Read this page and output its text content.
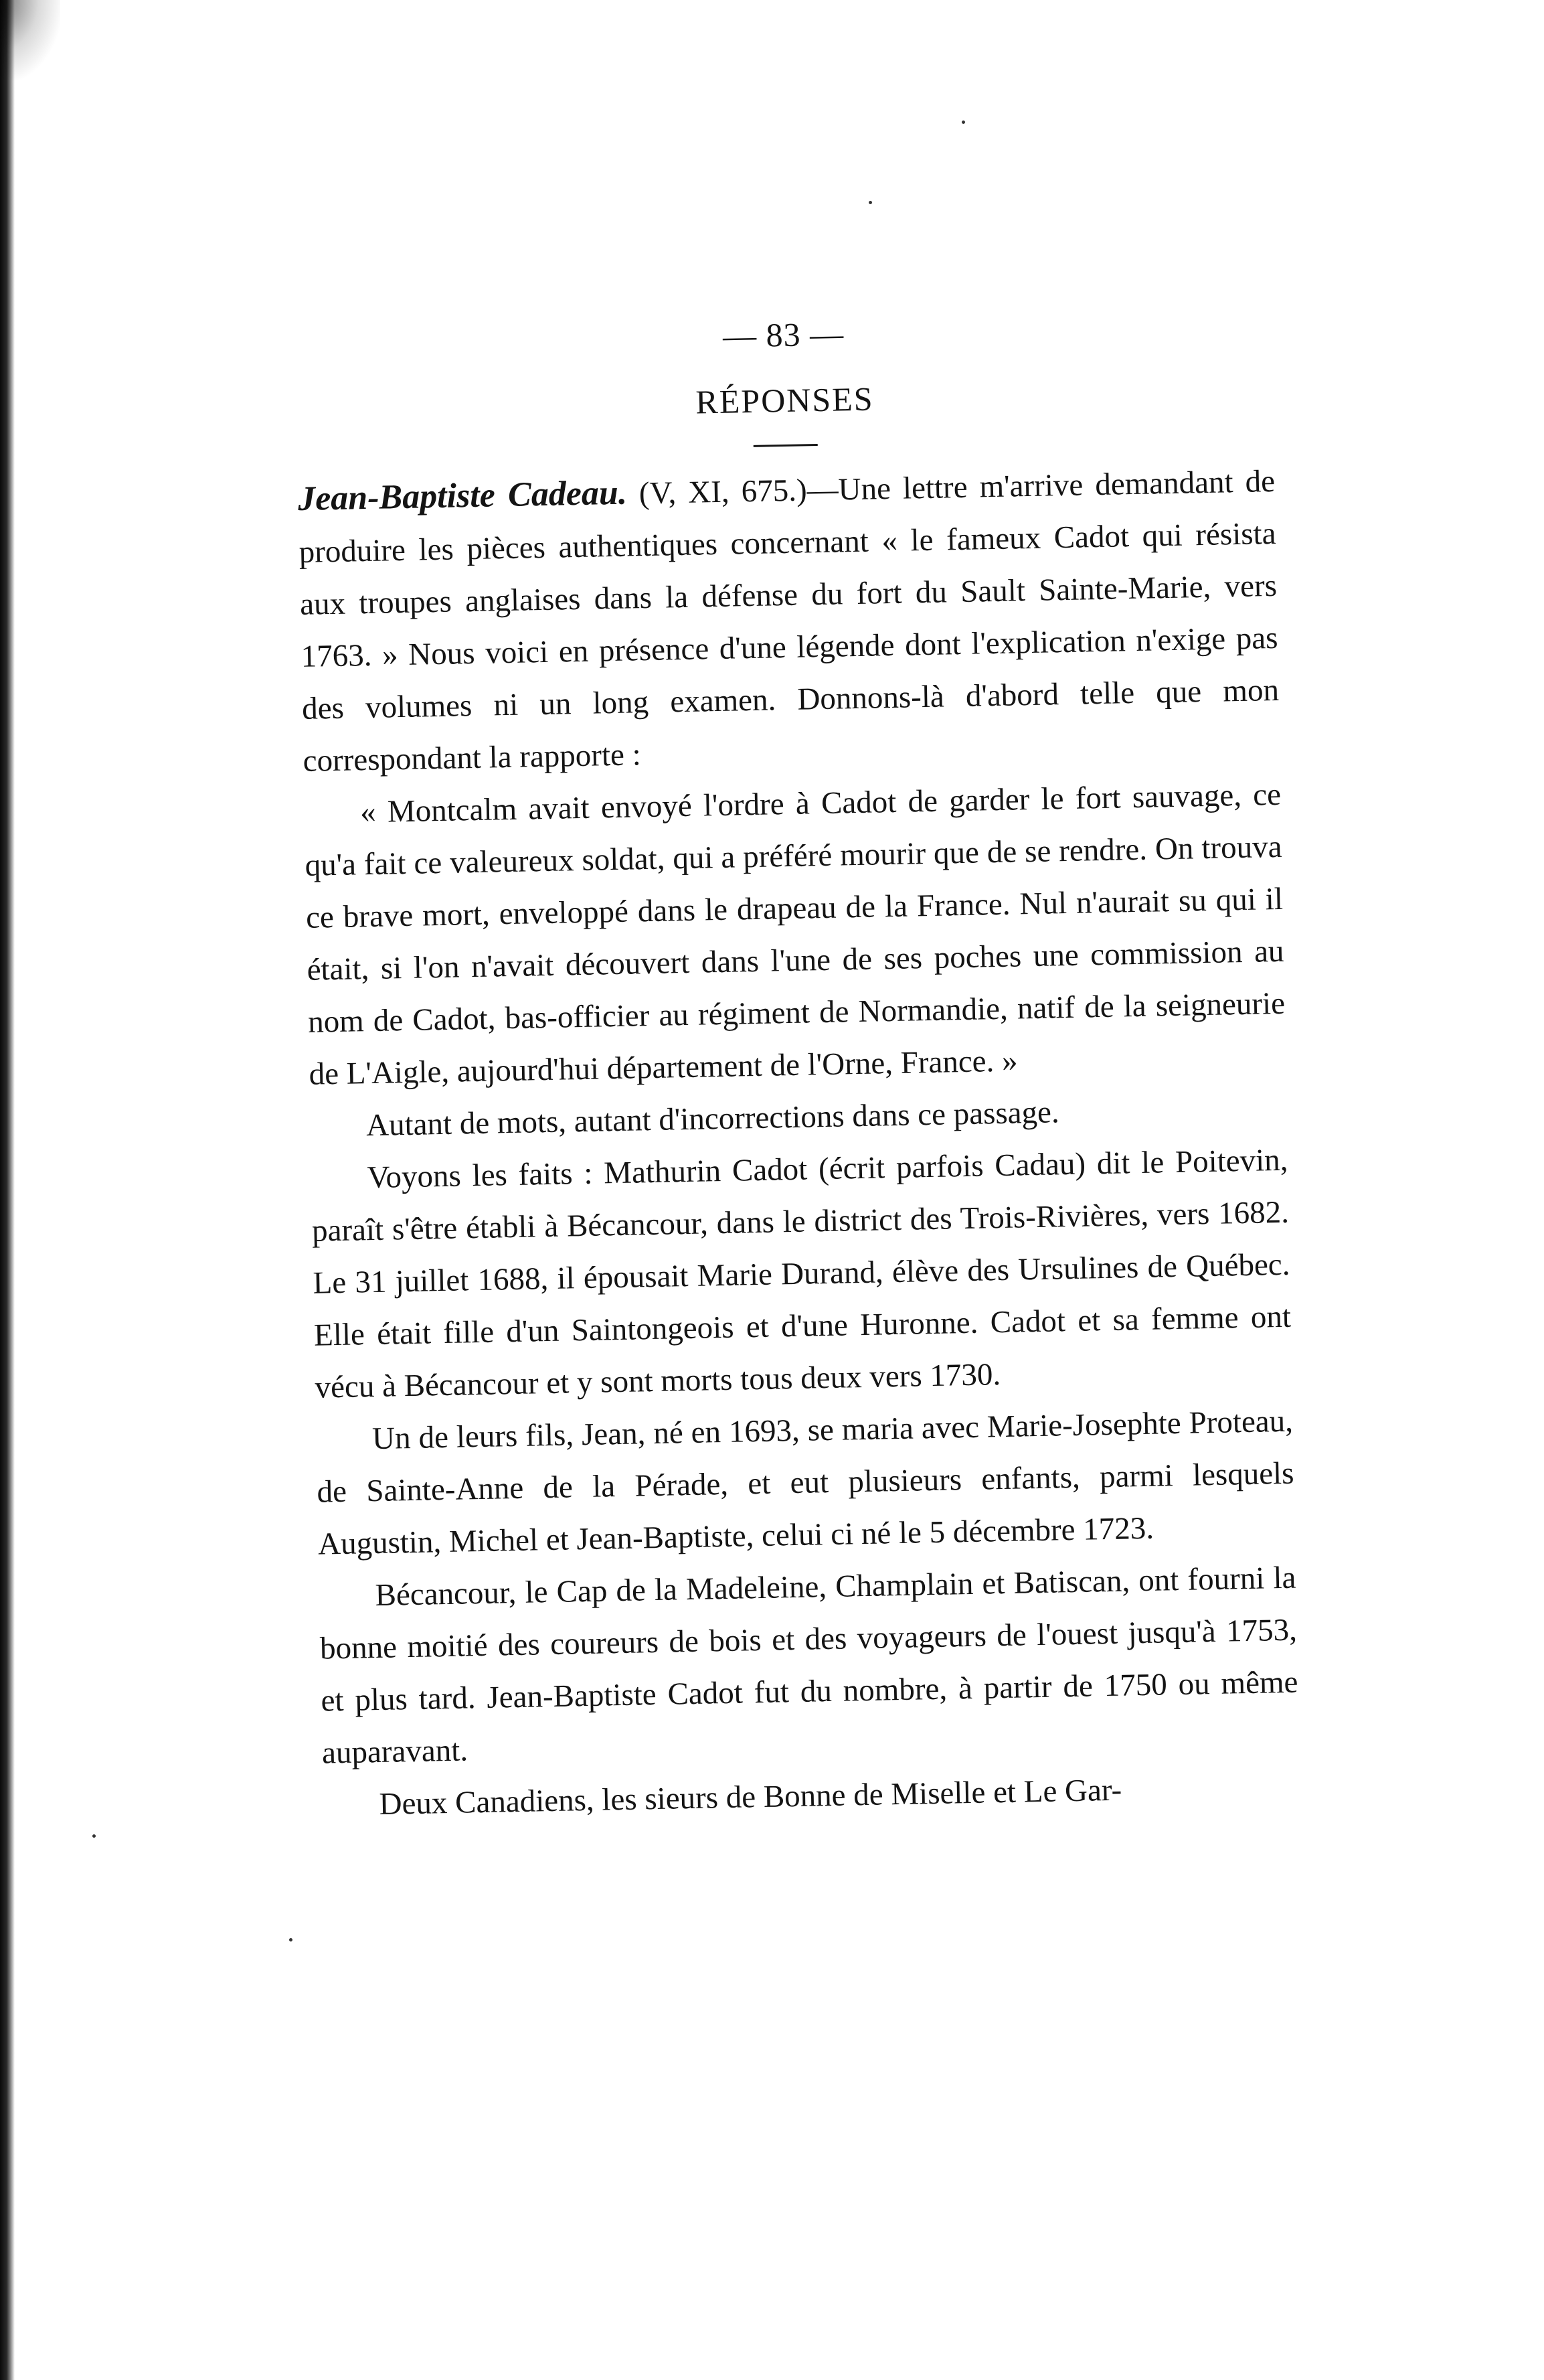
— 83 —
RÉPONSES

Jean-Baptiste Cadeau. (V, XI, 675.)—Une lettre m'arrive demandant de produire les pièces authentiques concernant « le fameux Cadot qui résista aux troupes anglaises dans la défense du fort du Sault Sainte-Marie, vers 1763. » Nous voici en présence d'une légende dont l'explication n'exige pas des volumes ni un long examen. Donnons-là d'abord telle que mon correspondant la rapporte :

« Montcalm avait envoyé l'ordre à Cadot de garder le fort sauvage, ce qu'a fait ce valeureux soldat, qui a préféré mourir que de se rendre. On trouva ce brave mort, enveloppé dans le drapeau de la France. Nul n'aurait su qui il était, si l'on n'avait découvert dans l'une de ses poches une commission au nom de Cadot, bas-officier au régiment de Normandie, natif de la seigneurie de L'Aigle, aujourd'hui département de l'Orne, France. »

Autant de mots, autant d'incorrections dans ce passage.

Voyons les faits : Mathurin Cadot (écrit parfois Cadau) dit le Poitevin, paraît s'être établi à Bécancour, dans le district des Trois-Rivières, vers 1682. Le 31 juillet 1688, il épousait Marie Durand, élève des Ursulines de Québec. Elle était fille d'un Saintongeois et d'une Huronne. Cadot et sa femme ont vécu à Bécancour et y sont morts tous deux vers 1730.

Un de leurs fils, Jean, né en 1693, se maria avec Marie-Josephte Proteau, de Sainte-Anne de la Pérade, et eut plusieurs enfants, parmi lesquels Augustin, Michel et Jean-Baptiste, celui ci né le 5 décembre 1723.

Bécancour, le Cap de la Madeleine, Champlain et Batiscan, ont fourni la bonne moitié des coureurs de bois et des voyageurs de l'ouest jusqu'à 1753, et plus tard. Jean-Baptiste Cadot fut du nombre, à partir de 1750 ou même auparavant.

Deux Canadiens, les sieurs de Bonne de Miselle et Le Gar-
